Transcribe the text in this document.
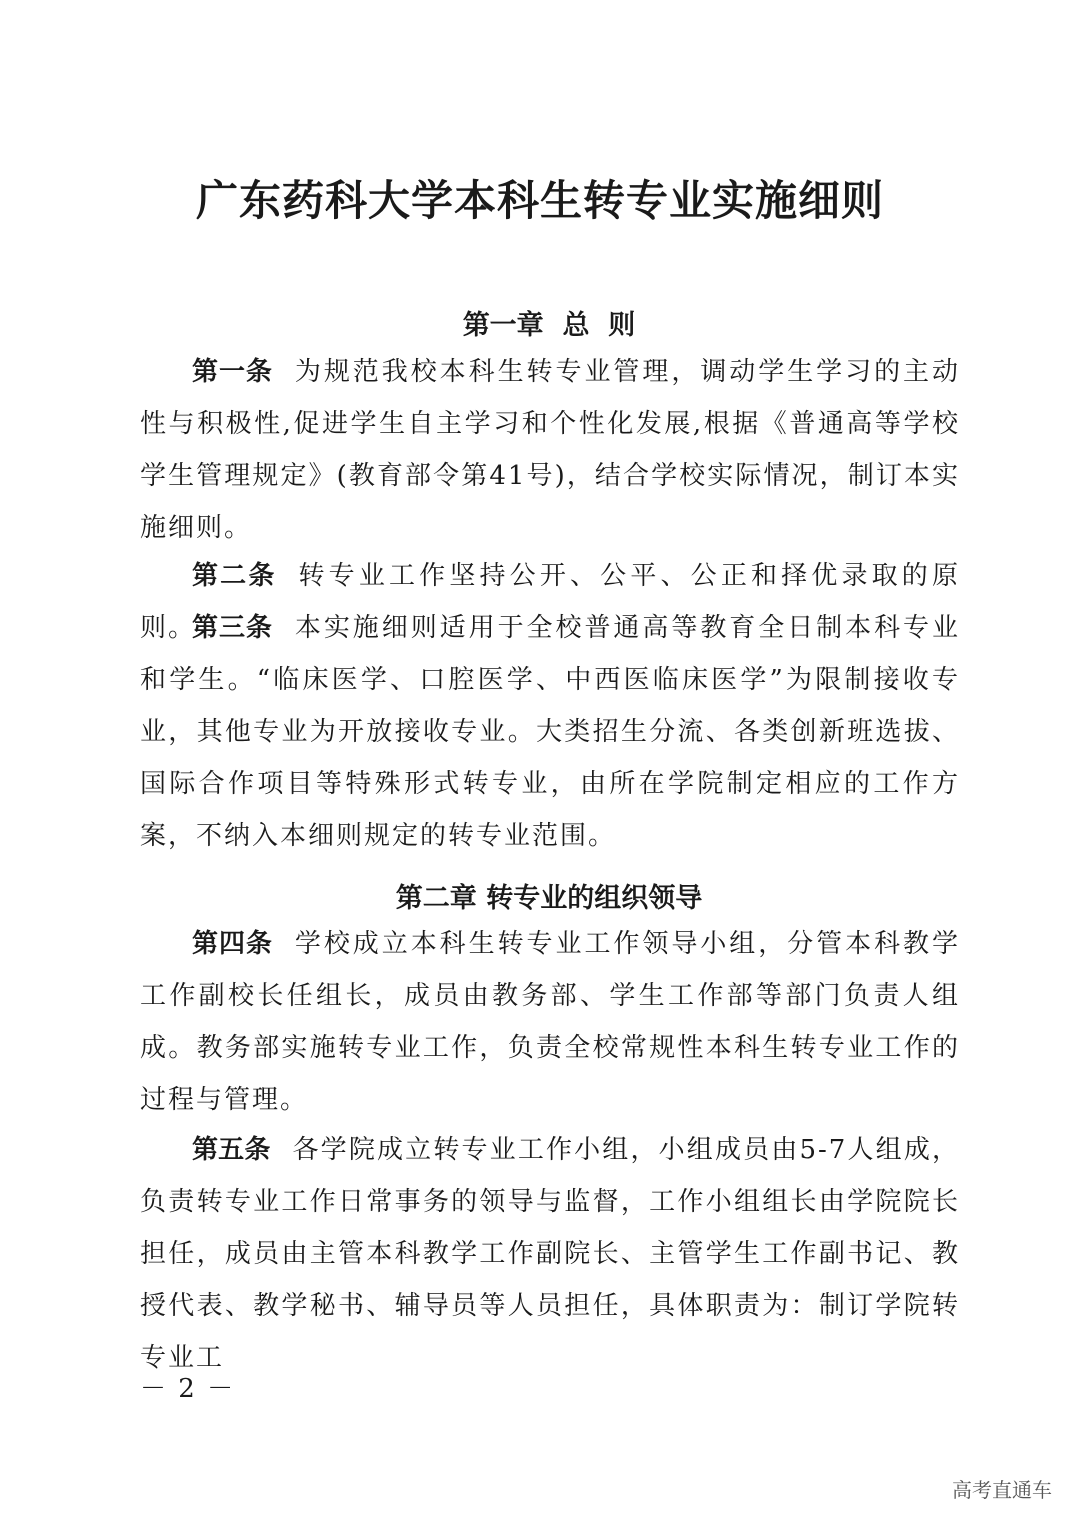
广东药科大学本科生转专业实施细则
第一章  总  则

第一条 为规范我校本科生转专业管理，调动学生学习的主动性与积极性,促进学生自主学习和个性化发展,根据《普通高等学校学生管理规定》(教育部令第41号)，结合学校实际情况，制订本实施细则。

第二条 转专业工作坚持公开、公平、公正和择优录取的原则。

第三条 本实施细则适用于全校普通高等教育全日制本科专业和学生。“临床医学、口腔医学、中西医临床医学”为限制接收专业，其他专业为开放接收专业。大类招生分流、各类创新班选拔、国际合作项目等特殊形式转专业，由所在学院制定相应的工作方案，不纳入本细则规定的转专业范围。

第二章 转专业的组织领导

第四条 学校成立本科生转专业工作领导小组，分管本科教学工作副校长任组长，成员由教务部、学生工作部等部门负责人组成。教务部实施转专业工作，负责全校常规性本科生转专业工作的过程与管理。

第五条 各学院成立转专业工作小组，小组成员由5-7人组成，负责转专业工作日常事务的领导与监督，工作小组组长由学院院长担任，成员由主管本科教学工作副院长、主管学生工作副书记、教授代表、教学秘书、辅导员等人员担任，具体职责为：制订学院转专业工

－ 2 －

高考直通车
